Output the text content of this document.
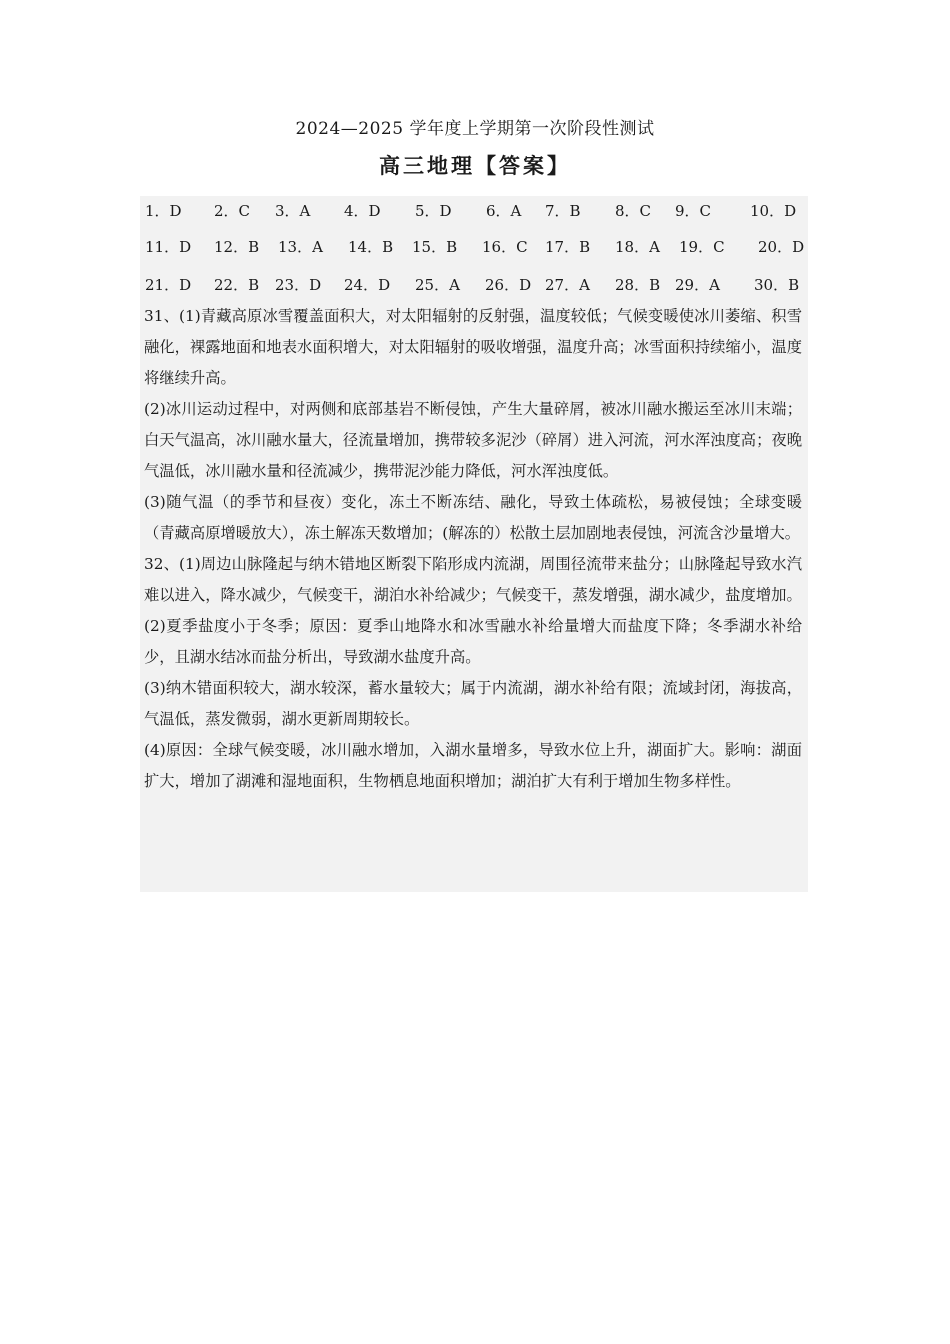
2024—2025 学年度上学期第一次阶段性测试
高三地理【答案】
1．D 2．C 3．A 4．D 5．D 6．A 7．B 8．C 9．C	10．D
11．D 12．B 13．A 14．B 15．B 16．C 17．B 18．A 19．C 20．D
21．D 22．B 23．D 24．D 25．A 26．D 27．A 28．B 29．A 30．B

31、(1)青藏高原冰雪覆盖面积大，对太阳辐射的反射强，温度较低；气候变暖使冰川萎缩、积雪融化，裸露地面和地表水面积增大，对太阳辐射的吸收增强，温度升高；冰雪面积持续缩小，温度将继续升高。

(2)冰川运动过程中，对两侧和底部基岩不断侵蚀，产生大量碎屑，被冰川融水搬运至冰川末端；白天气温高，冰川融水量大，径流量增加，携带较多泥沙（碎屑）进入河流，河水浑浊度高；夜晚气温低，冰川融水量和径流减少，携带泥沙能力降低，河水浑浊度低。

(3)随气温（的季节和昼夜）变化，冻土不断冻结、融化，导致土体疏松，易被侵蚀；全球变暖（青藏高原增暖放大），冻土解冻天数增加；(解冻的）松散土层加剧地表侵蚀，河流含沙量增大。

32、(1)周边山脉隆起与纳木错地区断裂下陷形成内流湖，周围径流带来盐分；山脉隆起导致水汽难以进入，降水减少，气候变干，湖泊水补给减少；气候变干，蒸发增强，湖水减少，盐度增加。

(2)夏季盐度小于冬季；原因：夏季山地降水和冰雪融水补给量增大而盐度下降；冬季湖水补给少，且湖水结冰而盐分析出，导致湖水盐度升高。

(3)纳木错面积较大，湖水较深，蓄水量较大；属于内流湖，湖水补给有限；流域封闭，海拔高，气温低，蒸发微弱，湖水更新周期较长。

(4)原因：全球气候变暖，冰川融水增加，入湖水量增多，导致水位上升，湖面扩大。影响：湖面扩大，增加了湖滩和湿地面积，生物栖息地面积增加；湖泊扩大有利于增加生物多样性。
